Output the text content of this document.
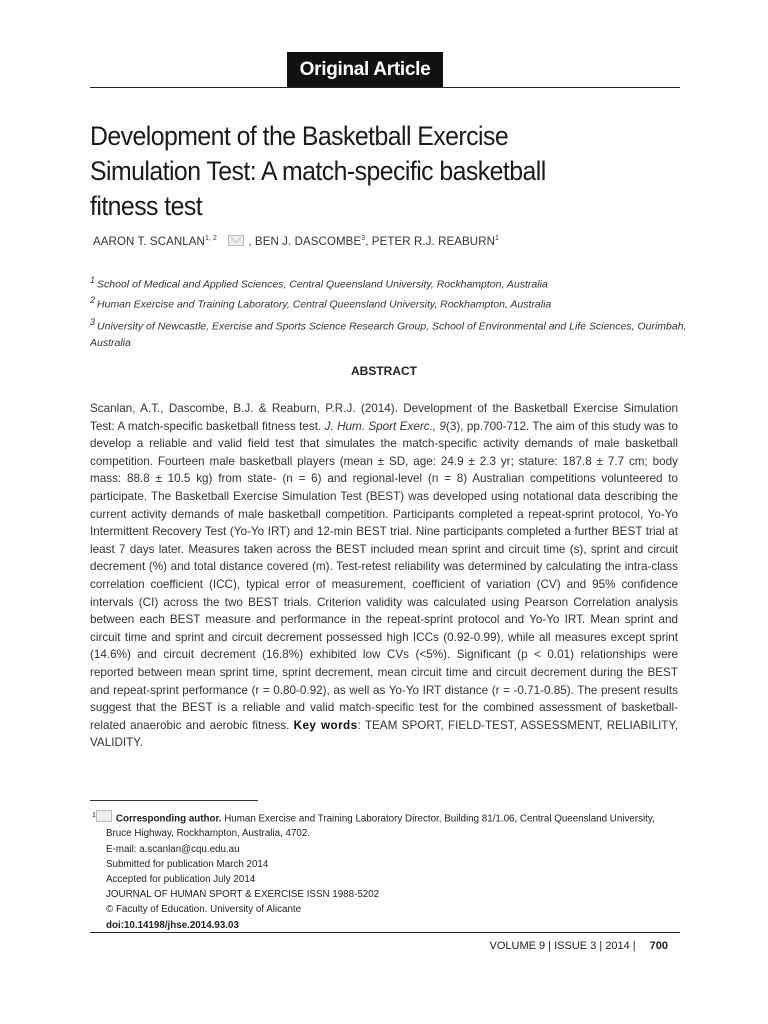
Original Article
Development of the Basketball Exercise Simulation Test: A match-specific basketball fitness test
AARON T. SCANLAN$^{1, 2}$	, BEN J. DASCOMBE$^3$, PETER R.J. REABURN$^1$
$^1$ School of Medical and Applied Sciences, Central Queensland University, Rockhampton, Australia
$^2$ Human Exercise and Training Laboratory, Central Queensland University, Rockhampton, Australia
$^3$ University of Newcastle, Exercise and Sports Science Research Group, School of Environmental and Life Sciences, Ourimbah, Australia
ABSTRACT
Scanlan, A.T., Dascombe, B.J. & Reaburn, P.R.J. (2014). Development of the Basketball Exercise Simulation Test: A match-specific basketball fitness test. J. Hum. Sport Exerc., 9(3), pp.700-712. The aim of this study was to develop a reliable and valid field test that simulates the match-specific activity demands of male basketball competition. Fourteen male basketball players (mean ± SD, age: 24.9 ± 2.3 yr; stature: 187.8 ± 7.7 cm; body mass: 88.8 ± 10.5 kg) from state- (n = 6) and regional-level (n = 8) Australian competitions volunteered to participate. The Basketball Exercise Simulation Test (BEST) was developed using notational data describing the current activity demands of male basketball competition. Participants completed a repeat-sprint protocol, Yo-Yo Intermittent Recovery Test (Yo-Yo IRT) and 12-min BEST trial. Nine participants completed a further BEST trial at least 7 days later. Measures taken across the BEST included mean sprint and circuit time (s), sprint and circuit decrement (%) and total distance covered (m). Test-retest reliability was determined by calculating the intra-class correlation coefficient (ICC), typical error of measurement, coefficient of variation (CV) and 95% confidence intervals (CI) across the two BEST trials. Criterion validity was calculated using Pearson Correlation analysis between each BEST measure and performance in the repeat-sprint protocol and Yo-Yo IRT. Mean sprint and circuit time and sprint and circuit decrement possessed high ICCs (0.92-0.99), while all measures except sprint (14.6%) and circuit decrement (16.8%) exhibited low CVs (<5%). Significant (p < 0.01) relationships were reported between mean sprint time, sprint decrement, mean circuit time and circuit decrement during the BEST and repeat-sprint performance (r = 0.80-0.92), as well as Yo-Yo IRT distance (r = -0.71-0.85). The present results suggest that the BEST is a reliable and valid match-specific test for the combined assessment of basketball-related anaerobic and aerobic fitness. Key words: TEAM SPORT, FIELD-TEST, ASSESSMENT, RELIABILITY, VALIDITY.
$^1$ Corresponding author. Human Exercise and Training Laboratory Director, Building 81/1.06, Central Queensland University,
Bruce Highway, Rockhampton, Australia, 4702.
E-mail: a.scanlan@cqu.edu.au
Submitted for publication March 2014
Accepted for publication July 2014
JOURNAL OF HUMAN SPORT & EXERCISE ISSN 1988-5202
© Faculty of Education. University of Alicante
doi:10.14198/jhse.2014.93.03
VOLUME 9 | ISSUE 3 | 2014 | 700
